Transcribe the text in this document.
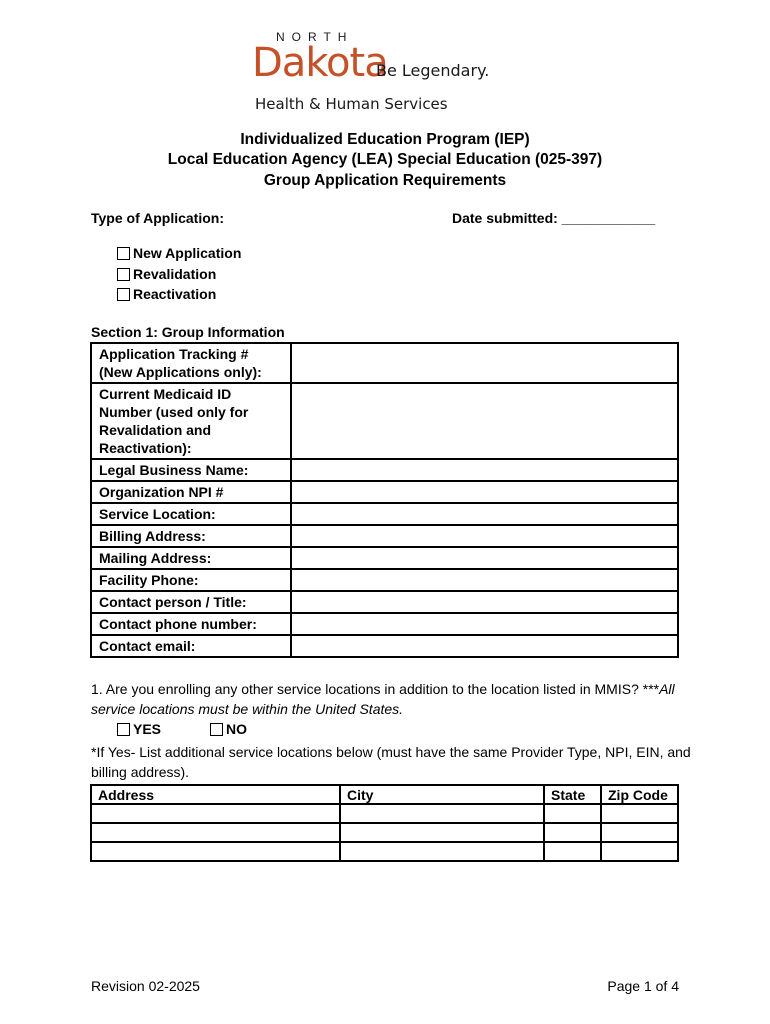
NORTH
Dakota
Be Legendary.
Health & Human Services
Individualized Education Program (IEP)
Local Education Agency (LEA) Special Education (025-397)
Group Application Requirements
Type of Application:	Date submitted: ____________
New Application
Revalidation
Reactivation
Section 1: Group Information
Application Tracking # (New Applications only):	
Current Medicaid ID Number (used only for Revalidation and Reactivation):	
Legal Business Name:	
Organization NPI #	
Service Location:	
Billing Address:	
Mailing Address:	
Facility Phone:	
Contact person / Title:	
Contact phone number:	
Contact email:	
1. Are you enrolling any other service locations in addition to the location listed in MMIS? ***All service locations must be within the United States.
YES	NO
*If Yes- List additional service locations below (must have the same Provider Type, NPI, EIN, and billing address).
Address	City	State	Zip Code

Revision 02-2025	Page 1 of 4
